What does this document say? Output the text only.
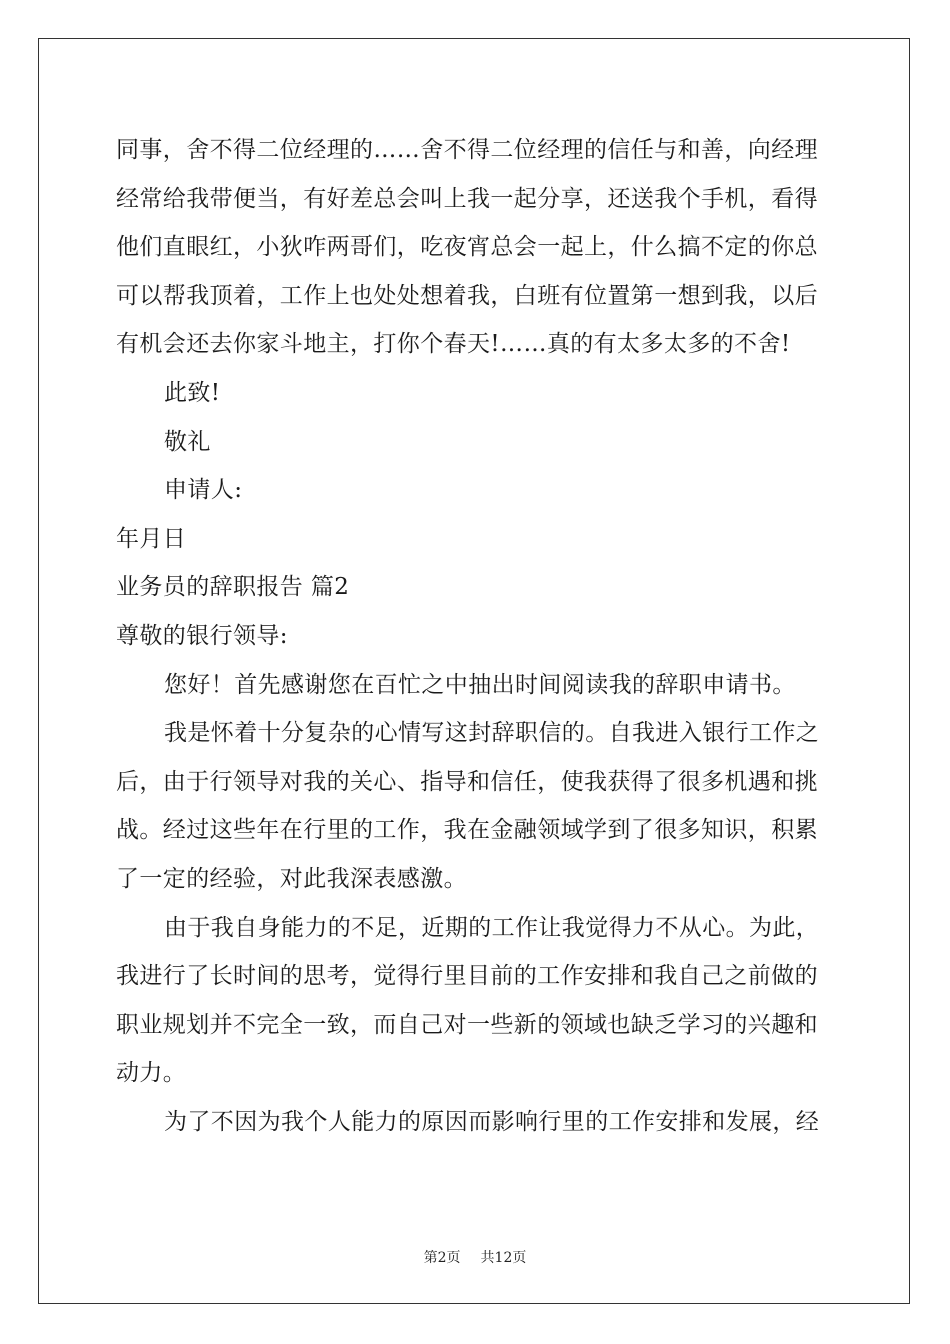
同事，舍不得二位经理的……舍不得二位经理的信任与和善，向经理
经常给我带便当，有好差总会叫上我一起分享，还送我个手机，看得
他们直眼红，小狄咋两哥们，吃夜宵总会一起上，什么搞不定的你总
可以帮我顶着，工作上也处处想着我，白班有位置第一想到我，以后
有机会还去你家斗地主，打你个春天!……真的有太多太多的不舍!
此致!
敬礼
申请人:
年月日
业务员的辞职报告 篇2
尊敬的银行领导:
您好！首先感谢您在百忙之中抽出时间阅读我的辞职申请书。
我是怀着十分复杂的心情写这封辞职信的。自我进入银行工作之
后，由于行领导对我的关心、指导和信任，使我获得了很多机遇和挑
战。经过这些年在行里的工作，我在金融领域学到了很多知识，积累
了一定的经验，对此我深表感激。
由于我自身能力的不足，近期的工作让我觉得力不从心。为此，
我进行了长时间的思考，觉得行里目前的工作安排和我自己之前做的
职业规划并不完全一致，而自己对一些新的领域也缺乏学习的兴趣和
动力。
为了不因为我个人能力的原因而影响行里的工作安排和发展，经
第2页 共12页
